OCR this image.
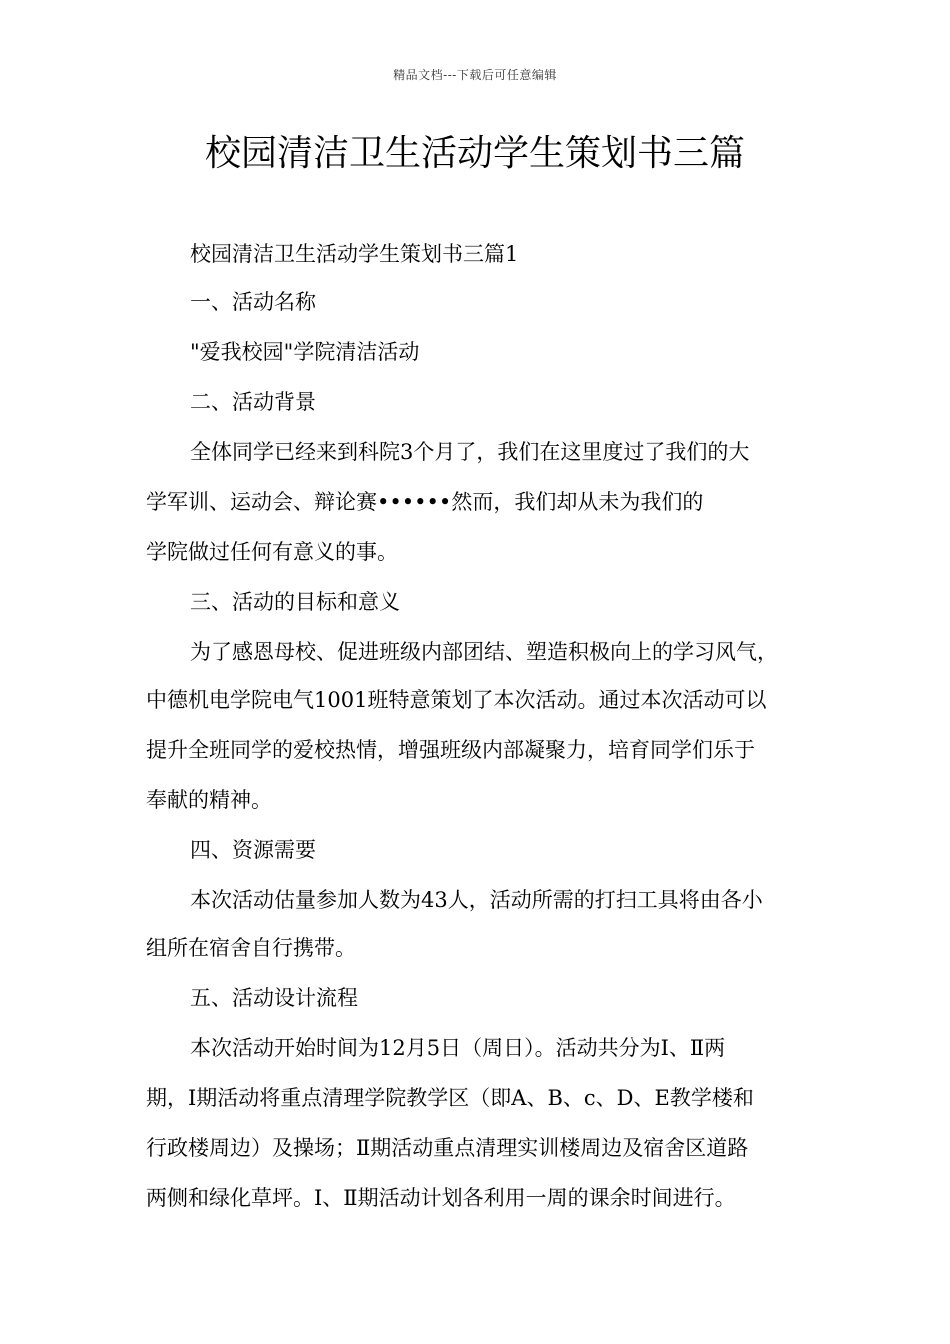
精品文档---下载后可任意编辑
校园清洁卫生活动学生策划书三篇
校园清洁卫生活动学生策划书三篇1
一、活动名称
"爱我校园"学院清洁活动
二、活动背景
全体同学已经来到科院3个月了，我们在这里度过了我们的大
学军训、运动会、辩论赛••••••然而，我们却从未为我们的
学院做过任何有意义的事。
三、活动的目标和意义
为了感恩母校、促进班级内部团结、塑造积极向上的学习风气，
中德机电学院电气1001班特意策划了本次活动。通过本次活动可以
提升全班同学的爱校热情，增强班级内部凝聚力，培育同学们乐于
奉献的精神。
四、资源需要
本次活动估量参加人数为43人，活动所需的打扫工具将由各小
组所在宿舍自行携带。
五、活动设计流程
本次活动开始时间为12月5日（周日）。活动共分为Ⅰ、Ⅱ两
期，Ⅰ期活动将重点清理学院教学区（即A、B、c、D、E教学楼和
行政楼周边）及操场；Ⅱ期活动重点清理实训楼周边及宿舍区道路
两侧和绿化草坪。Ⅰ、Ⅱ期活动计划各利用一周的课余时间进行。
